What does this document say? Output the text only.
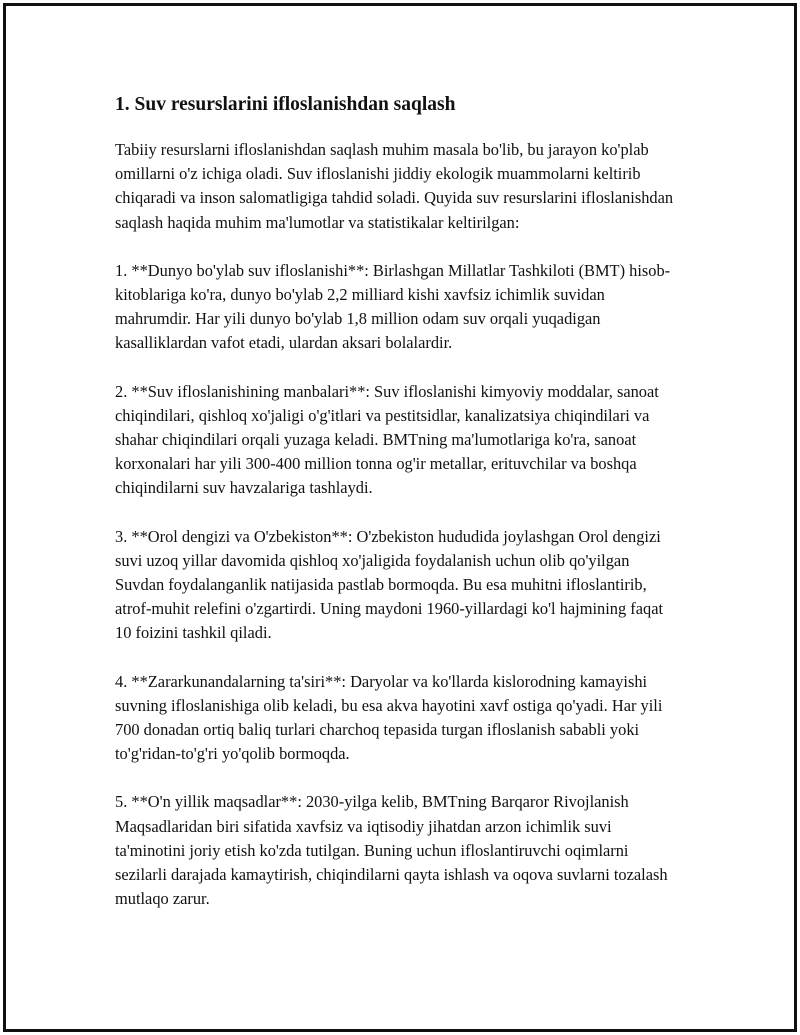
1. Suv resurslarini ifloslanishdan saqlash

Tabiiy resurslarni ifloslanishdan saqlash muhim masala bo'lib, bu jarayon ko'plab omillarni o'z ichiga oladi. Suv ifloslanishi jiddiy ekologik muammolarni keltirib chiqaradi va inson salomatligiga tahdid soladi. Quyida suv resurslarini ifloslanishdan saqlash haqida muhim ma'lumotlar va statistikalar keltirilgan:

1. **Dunyo bo'ylab suv ifloslanishi**: Birlashgan Millatlar Tashkiloti (BMT) hisob-kitoblariga ko'ra, dunyo bo'ylab 2,2 milliard kishi xavfsiz ichimlik suvidan mahrumdir. Har yili dunyo bo'ylab 1,8 million odam suv orqali yuqadigan kasalliklardan vafot etadi, ulardan aksari bolalardir.

2. **Suv ifloslanishining manbalari**: Suv ifloslanishi kimyoviy moddalar, sanoat chiqindilari, qishloq xo'jaligi o'g'itlari va pestitsidlar, kanalizatsiya chiqindilari va shahar chiqindilari orqali yuzaga keladi. BMTning ma'lumotlariga ko'ra, sanoat korxonalari har yili 300-400 million tonna og'ir metallar, erituvchilar va boshqa chiqindilarni suv havzalariga tashlaydi.

3. **Orol dengizi va O'zbekiston**: O'zbekiston hududida joylashgan Orol dengizi suvi uzoq yillar davomida qishloq xo'jaligida foydalanish uchun olib qo'yilgan Suvdan foydalanganlik natijasida pastlab bormoqda. Bu esa muhitni ifloslantirib, atrof-muhit relefini o'zgartirdi. Uning maydoni 1960-yillardagi ko'l hajmining faqat 10 foizini tashkil qiladi.

4. **Zararkunandalarning ta'siri**: Daryolar va ko'llarda kislorodning kamayishi suvning ifloslanishiga olib keladi, bu esa akva hayotini xavf ostiga qo'yadi. Har yili 700 donadan ortiq baliq turlari charchoq tepasida turgan ifloslanish sababli yoki to'g'ridan-to'g'ri yo'qolib bormoqda.

5. **O'n yillik maqsadlar**: 2030-yilga kelib, BMTning Barqaror Rivojlanish Maqsadlaridan biri sifatida xavfsiz va iqtisodiy jihatdan arzon ichimlik suvi ta'minotini joriy etish ko'zda tutilgan. Buning uchun ifloslantiruvchi oqimlarni sezilarli darajada kamaytirish, chiqindilarni qayta ishlash va oqova suvlarni tozalash mutlaqo zarur.
